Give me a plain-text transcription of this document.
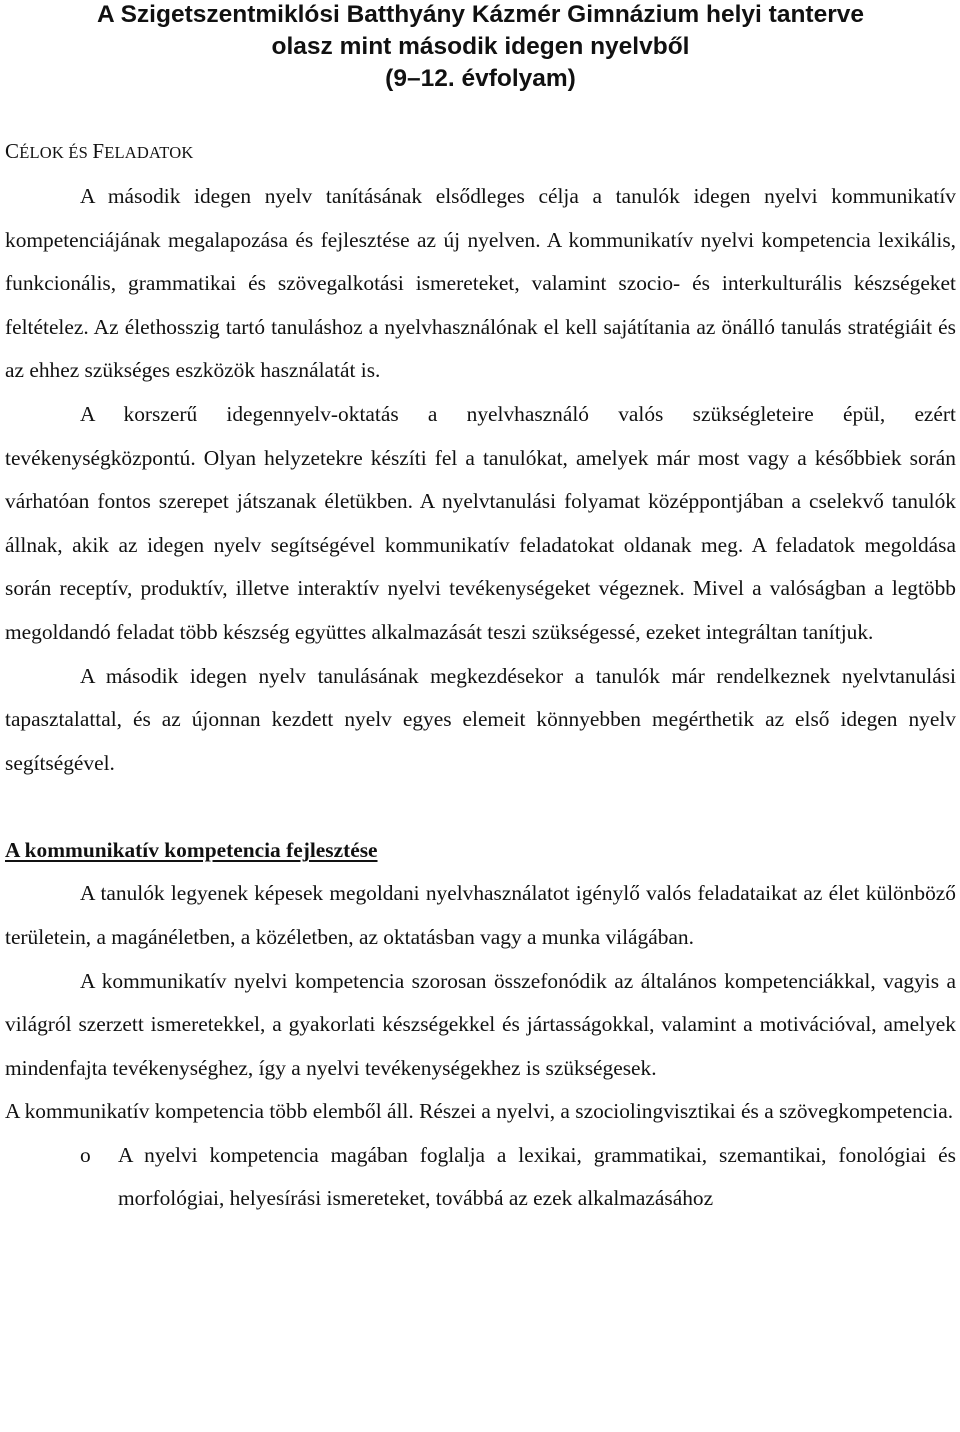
A Szigetszentmiklósi Batthyány Kázmér Gimnázium helyi tanterve
olasz mint második idegen nyelvből
(9–12. évfolyam)
CÉLOK ÉS FELADATOK

A második idegen nyelv tanításának elsődleges célja a tanulók idegen nyelvi kommunikatív kompetenciájának megalapozása és fejlesztése az új nyelven. A kommunikatív nyelvi kompetencia lexikális, funkcionális, grammatikai és szövegalkotási ismereteket, valamint szocio- és interkulturális készségeket feltételez. Az élethosszig tartó tanuláshoz a nyelvhasználónak el kell sajátítania az önálló tanulás stratégiáit és az ehhez szükséges eszközök használatát is.

A korszerű idegennyelv-oktatás a nyelvhasználó valós szükségleteire épül, ezért tevékenységközpontú. Olyan helyzetekre készíti fel a tanulókat, amelyek már most vagy a későbbiek során várhatóan fontos szerepet játszanak életükben. A nyelvtanulási folyamat középpontjában a cselekvő tanulók állnak, akik az idegen nyelv segítségével kommunikatív feladatokat oldanak meg. A feladatok megoldása során receptív, produktív, illetve interaktív nyelvi tevékenységeket végeznek. Mivel a valóságban a legtöbb megoldandó feladat több készség együttes alkalmazását teszi szükségessé, ezeket integráltan tanítjuk.

A második idegen nyelv tanulásának megkezdésekor a tanulók már rendelkeznek nyelvtanulási tapasztalattal, és az újonnan kezdett nyelv egyes elemeit könnyebben megérthetik az első idegen nyelv segítségével.

A kommunikatív kompetencia fejlesztése

A tanulók legyenek képesek megoldani nyelvhasználatot igénylő valós feladataikat az élet különböző területein, a magánéletben, a közéletben, az oktatásban vagy a munka világában.

A kommunikatív nyelvi kompetencia szorosan összefonódik az általános kompetenciákkal, vagyis a világról szerzett ismeretekkel, a gyakorlati készségekkel és jártasságokkal, valamint a motivációval, amelyek mindenfajta tevékenységhez, így a nyelvi tevékenységekhez is szükségesek.

A kommunikatív kompetencia több elemből áll. Részei a nyelvi, a szociolingvisztikai és a szövegkompetencia.

o A nyelvi kompetencia magában foglalja a lexikai, grammatikai, szemantikai, fonológiai és morfológiai, helyesírási ismereteket, továbbá az ezek alkalmazásához
